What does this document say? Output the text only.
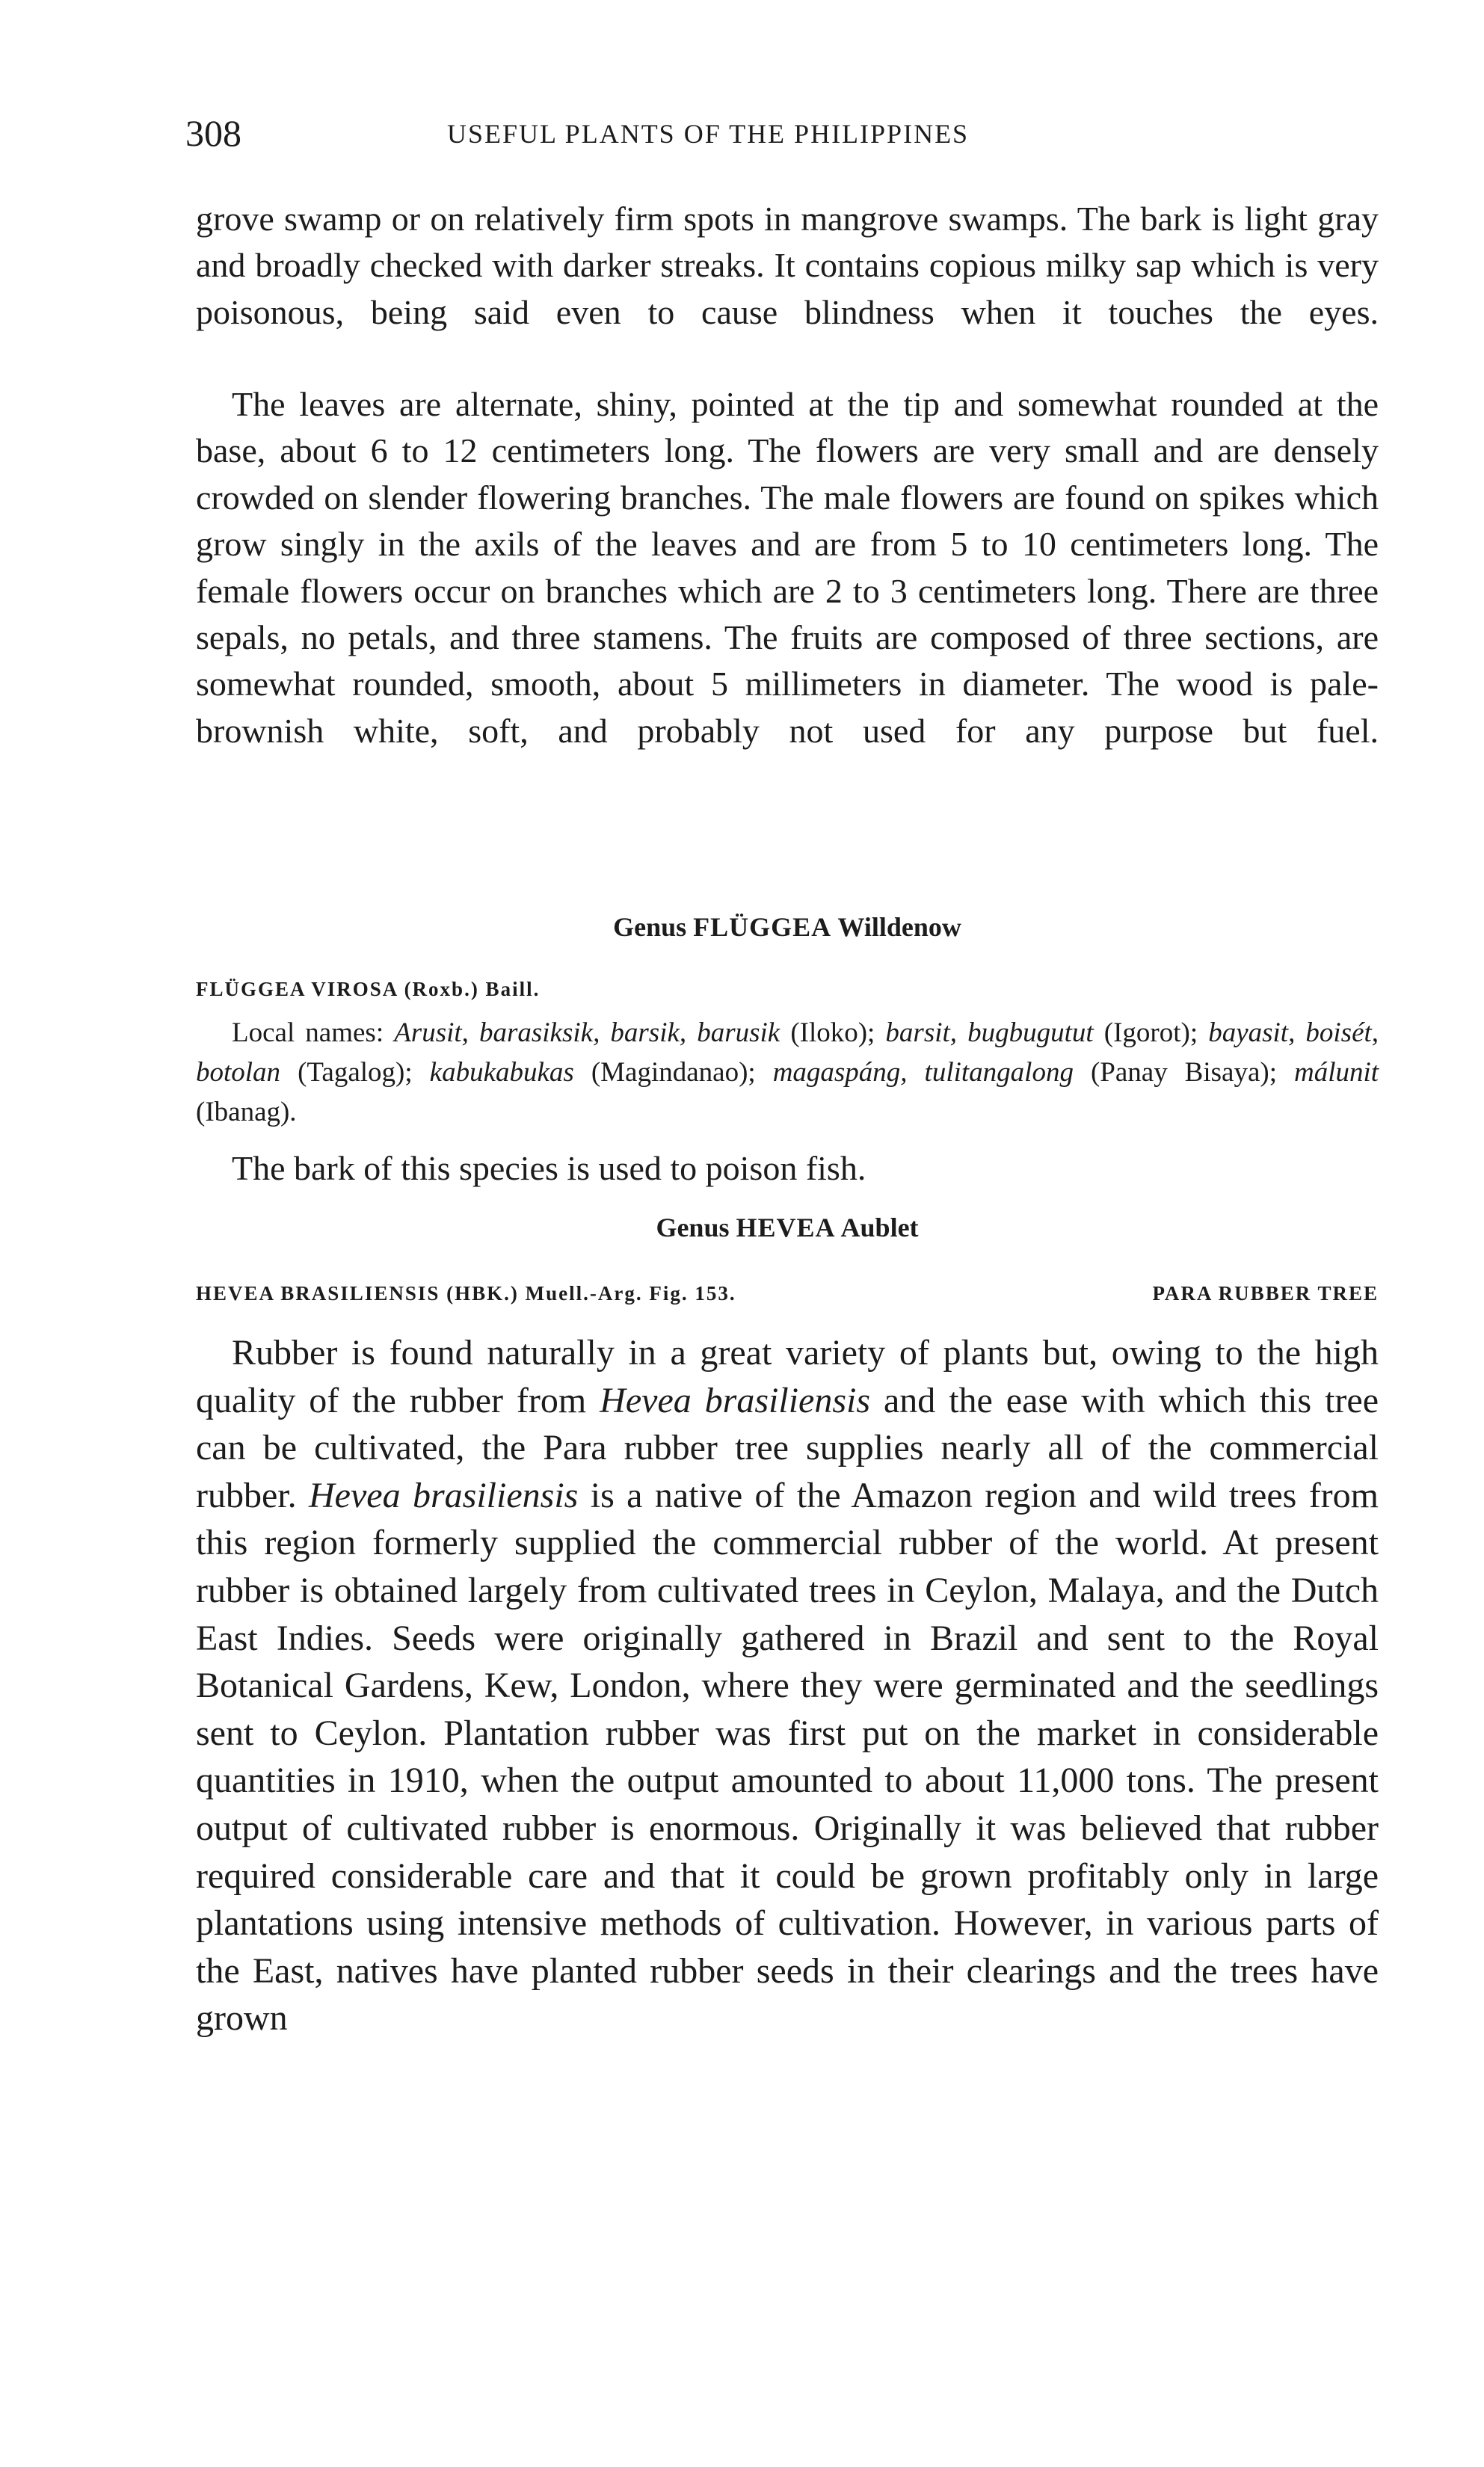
308	USEFUL PLANTS OF THE PHILIPPINES

grove swamp or on relatively firm spots in mangrove swamps. The bark is light gray and broadly checked with darker streaks. It contains copious milky sap which is very poisonous, being said even to cause blindness when it touches the eyes.

The leaves are alternate, shiny, pointed at the tip and somewhat rounded at the base, about 6 to 12 centimeters long. The flowers are very small and are densely crowded on slender flowering branches. The male flowers are found on spikes which grow singly in the axils of the leaves and are from 5 to 10 centimeters long. The female flowers occur on branches which are 2 to 3 centimeters long. There are three sepals, no petals, and three stamens. The fruits are composed of three sections, are somewhat rounded, smooth, about 5 millimeters in diameter. The wood is pale-brownish white, soft, and probably not used for any purpose but fuel.

Genus FLÜGGEA Willdenow
FLÜGGEA VIROSA (Roxb.) Baill.

Local names: Arusit, barasiksik, barsik, barusik (Iloko); barsit, bugbugutut (Igorot); bayasit, boisét, botolan (Tagalog); kabukabukas (Magindanao); magaspáng, tulitangalong (Panay Bisaya); málunit (Ibanag).

The bark of this species is used to poison fish.

Genus HEVEA Aublet
HEVEA BRASILIENSIS (HBK.) Muell.-Arg. Fig. 153.	PARA RUBBER TREE

Rubber is found naturally in a great variety of plants but, owing to the high quality of the rubber from Hevea brasiliensis and the ease with which this tree can be cultivated, the Para rubber tree supplies nearly all of the commercial rubber. Hevea brasiliensis is a native of the Amazon region and wild trees from this region formerly supplied the commercial rubber of the world. At present rubber is obtained largely from cultivated trees in Ceylon, Malaya, and the Dutch East Indies. Seeds were originally gathered in Brazil and sent to the Royal Botanical Gardens, Kew, London, where they were germinated and the seedlings sent to Ceylon. Plantation rubber was first put on the market in considerable quantities in 1910, when the output amounted to about 11,000 tons. The present output of cultivated rubber is enormous. Originally it was believed that rubber required considerable care and that it could be grown profitably only in large plantations using intensive methods of cultivation. However, in various parts of the East, natives have planted rubber seeds in their clearings and the trees have grown
